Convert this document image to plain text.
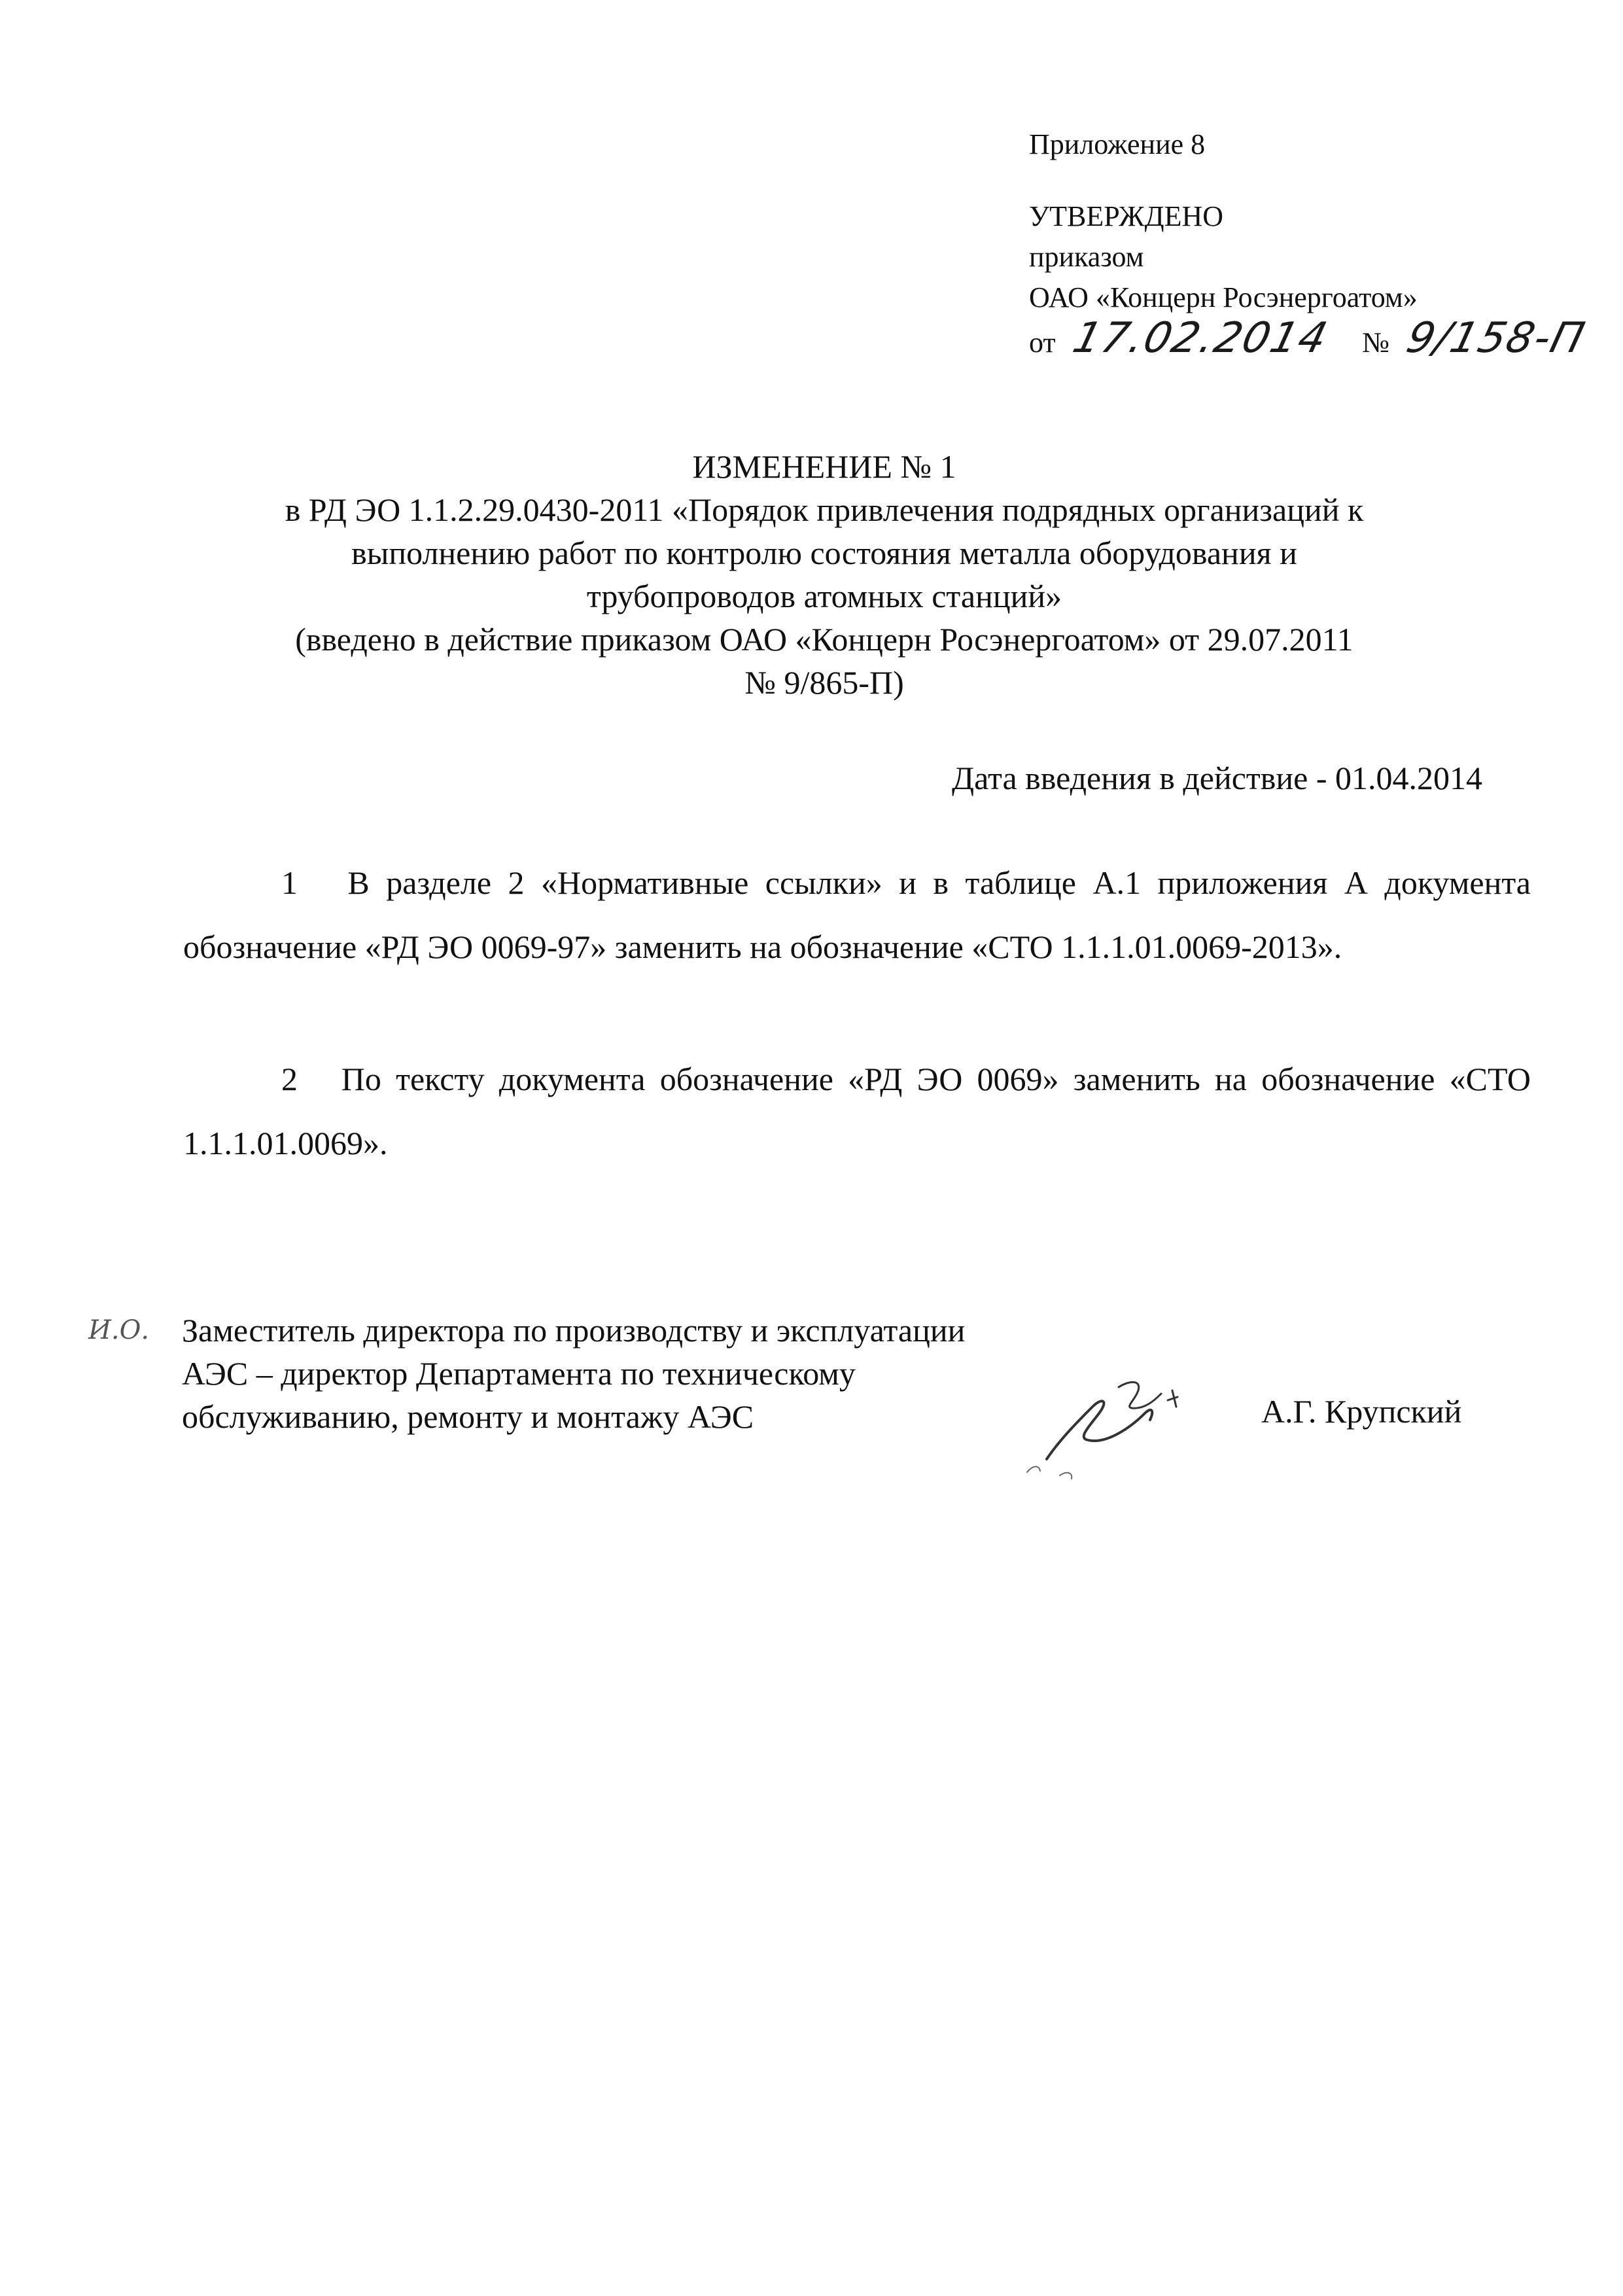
Приложение 8
УТВЕРЖДЕНО
приказом
ОАО «Концерн Росэнергоатом»
от 17.02.2014 № 9/158-П
ИЗМЕНЕНИЕ № 1
в РД ЭО 1.1.2.29.0430-2011 «Порядок привлечения подрядных организаций к
выполнению работ по контролю состояния металла оборудования и
трубопроводов атомных станций»
(введено в действие приказом ОАО «Концерн Росэнергоатом» от 29.07.2011
№ 9/865-П)
Дата введения в действие - 01.04.2014
1 В разделе 2 «Нормативные ссылки» и в таблице А.1 приложения А документа обозначение «РД ЭО 0069-97» заменить на обозначение «СТО 1.1.1.01.0069-2013».
2 По тексту документа обозначение «РД ЭО 0069» заменить на обозначение «СТО 1.1.1.01.0069».
И.О. Заместитель директора по производству и эксплуатации
АЭС – директор Департамента по техническому
обслуживанию, ремонту и монтажу АЭС	А.Г. Крупский
